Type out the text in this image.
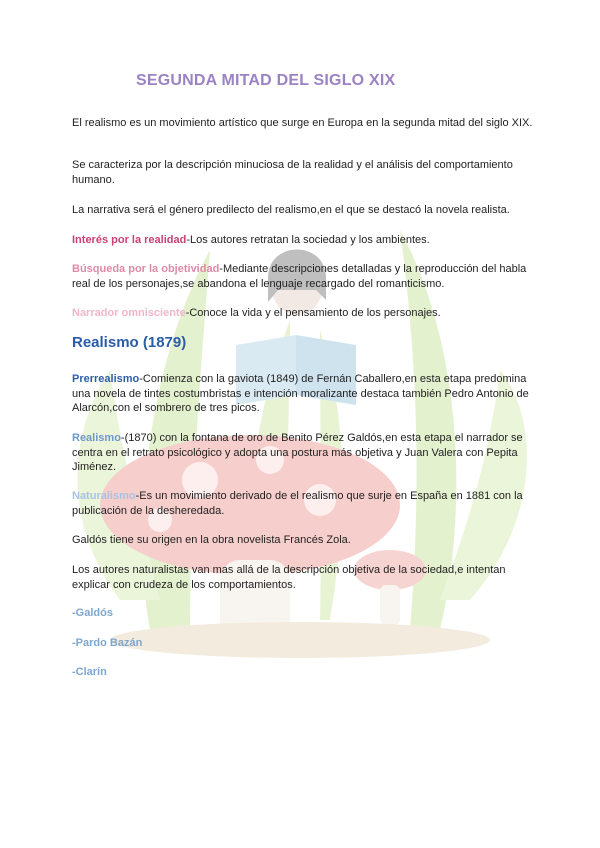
SEGUNDA MITAD DEL SIGLO XIX

El realismo es un movimiento artístico que surge en Europa en la segunda mitad del siglo XIX.

Se caracteriza por la descripción minuciosa de la realidad y el análisis del comportamiento humano.

La narrativa será el género predilecto del realismo,en el que se destacó la novela realista.

Interés por la realidad-Los autores retratan la sociedad y los ambientes.

Búsqueda por la objetividad-Mediante descripciones detalladas y la reproducción del habla real de los personajes,se abandona el lenguaje recargado del romanticismo.

Narrador omnisciente-Conoce la vida y el pensamiento de los personajes.

Realismo (1879)

Prerrealismo-Comienza con la gaviota (1849) de Fernán Caballero,en esta etapa predomina una novela de tintes costumbristas e intención moralizante destaca también Pedro Antonio de Alarcón,con el sombrero de tres picos.

Realismo-(1870) con la fontana de oro de Benito Pérez Galdós,en esta etapa el narrador se centra en el retrato psicológico y adopta una postura más objetiva y Juan Valera con Pepita Jiménez.

Naturalismo-Es un movimiento derivado de el realismo que surje en España en 1881 con la publicación de la desheredada.

Galdós tiene su origen en la obra novelista Francés Zola.

Los autores naturalistas van mas allá de la descripción objetiva de la sociedad,e intentan explicar con crudeza de los comportamientos.

-Galdós

-Pardo Bazán

-Clarín
